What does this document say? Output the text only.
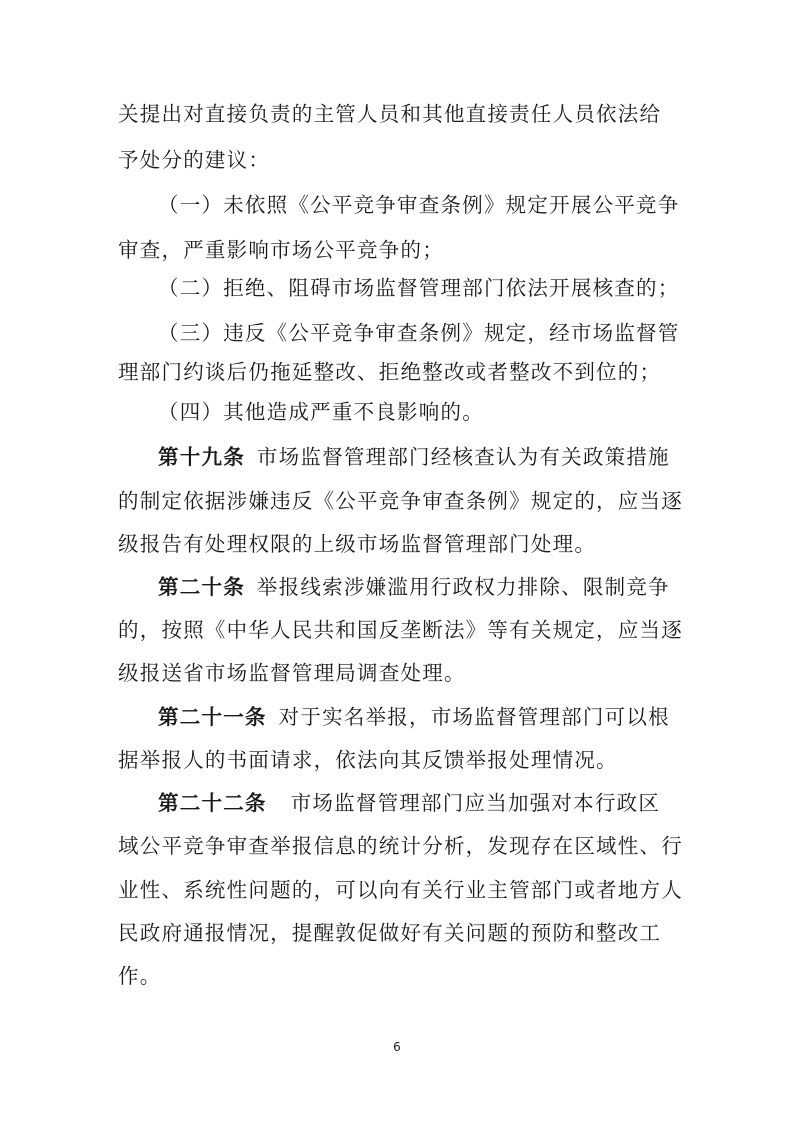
关提出对直接负责的主管人员和其他直接责任人员依法给
予处分的建议：
（一）未依照《公平竞争审查条例》规定开展公平竞争
审查，严重影响市场公平竞争的；
（二）拒绝、阻碍市场监督管理部门依法开展核查的；
（三）违反《公平竞争审查条例》规定，经市场监督管
理部门约谈后仍拖延整改、拒绝整改或者整改不到位的；
（四）其他造成严重不良影响的。
第十九条 市场监督管理部门经核查认为有关政策措施
的制定依据涉嫌违反《公平竞争审查条例》规定的，应当逐
级报告有处理权限的上级市场监督管理部门处理。
第二十条 举报线索涉嫌滥用行政权力排除、限制竞争
的，按照《中华人民共和国反垄断法》等有关规定，应当逐
级报送省市场监督管理局调查处理。
第二十一条 对于实名举报，市场监督管理部门可以根
据举报人的书面请求，依法向其反馈举报处理情况。
第二十二条 市场监督管理部门应当加强对本行政区
域公平竞争审查举报信息的统计分析，发现存在区域性、行
业性、系统性问题的，可以向有关行业主管部门或者地方人
民政府通报情况，提醒敦促做好有关问题的预防和整改工
作。
6
